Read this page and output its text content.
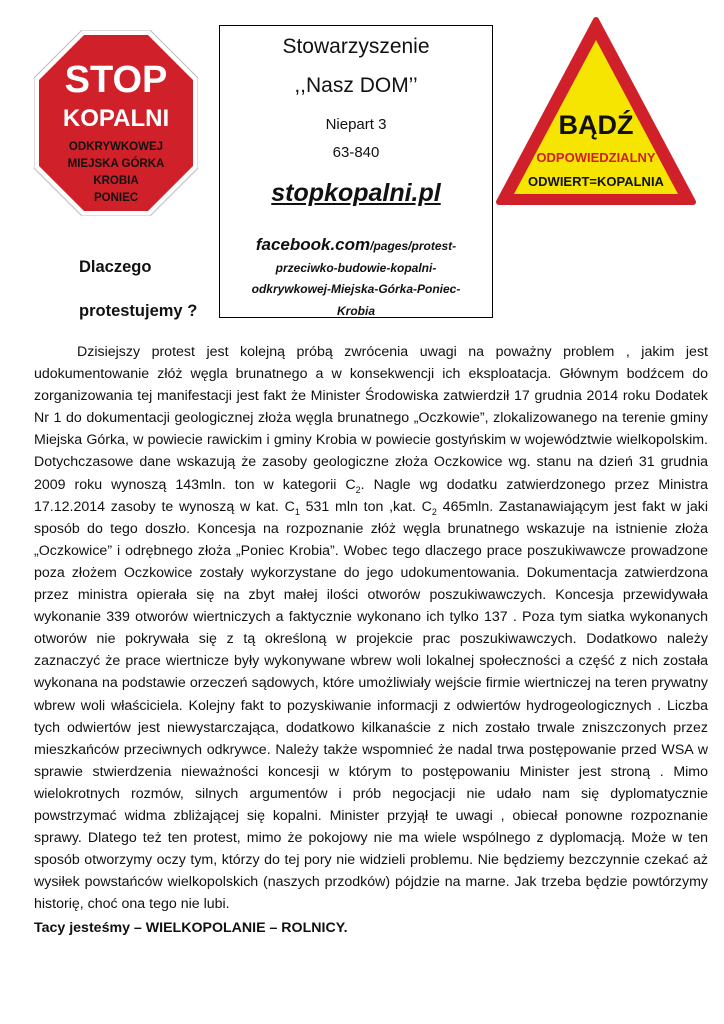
STOP
KOPALNI
ODKRYWKOWEJ
MIEJSKA GÓRKA
KROBIA
PONIEC
BĄDŹ
ODPOWIEDZIALNY
ODWIERT=KOPALNIA
Stowarzyszenie
,,Nasz DOM’’
Niepart 3
63-840
stopkopalni.pl
facebook.com/pages/protest-
przeciwko-budowie-kopalni-
odkrywkowej-Miejska-Górka-Poniec-
Krobia
Dlaczego
protestujemy ?

Dzisiejszy protest jest kolejną próbą zwrócenia uwagi na poważny problem , jakim jest udokumentowanie złóż węgla brunatnego a w konsekwencji ich eksploatacja. Głównym bodźcem do zorganizowania tej manifestacji jest fakt że Minister Środowiska zatwierdził 17 grudnia 2014 roku Dodatek Nr 1 do dokumentacji geologicznej złoża węgla brunatnego „Oczkowie”, zlokalizowanego na terenie gminy Miejska Górka, w powiecie rawickim i gminy Krobia w powiecie gostyńskim w województwie wielkopolskim. Dotychczasowe dane wskazują że zasoby geologiczne złoża Oczkowice wg. stanu na dzień 31 grudnia 2009 roku wynoszą 143mln. ton w kategorii $C_2$. Nagle wg dodatku zatwierdzonego przez Ministra 17.12.2014 zasoby te wynoszą w kat. $C_1$ 531 mln ton ,kat. $C_2$ 465mln. Zastanawiającym jest fakt w jaki sposób do tego doszło. Koncesja na rozpoznanie złóż węgla brunatnego wskazuje na istnienie złoża „Oczkowice” i odrębnego złoża „Poniec Krobia”. Wobec tego dlaczego prace poszukiwawcze prowadzone poza złożem Oczkowice zostały wykorzystane do jego udokumentowania. Dokumentacja zatwierdzona przez ministra opierała się na zbyt małej ilości otworów poszukiwawczych. Koncesja przewidywała wykonanie 339 otworów wiertniczych a faktycznie wykonano ich tylko 137 . Poza tym siatka wykonanych otworów nie pokrywała się z tą określoną w projekcie prac poszukiwawczych. Dodatkowo należy zaznaczyć że prace wiertnicze były wykonywane wbrew woli lokalnej społeczności a część z nich została wykonana na podstawie orzeczeń sądowych, które umożliwiały wejście firmie wiertniczej na teren prywatny wbrew woli właściciela. Kolejny fakt to pozyskiwanie informacji z odwiertów hydrogeologicznych . Liczba tych odwiertów jest niewystarczająca, dodatkowo kilkanaście z nich zostało trwale zniszczonych przez mieszkańców przeciwnych odkrywce. Należy także wspomnieć że nadal trwa postępowanie przed WSA w sprawie stwierdzenia nieważności koncesji w którym to postępowaniu Minister jest stroną . Mimo wielokrotnych rozmów, silnych argumentów i prób negocjacji nie udało nam się dyplomatycznie powstrzymać widma zbliżającej się kopalni. Minister przyjął te uwagi , obiecał ponowne rozpoznanie sprawy. Dlatego też ten protest, mimo że pokojowy nie ma wiele wspólnego z dyplomacją. Może w ten sposób otworzymy oczy tym, którzy do tej pory nie widzieli problemu. Nie będziemy bezczynnie czekać aż wysiłek powstańców wielkopolskich (naszych przodków) pójdzie na marne. Jak trzeba będzie powtórzymy historię, choć ona tego nie lubi.

Tacy jesteśmy – WIELKOPOLANIE – ROLNICY.
